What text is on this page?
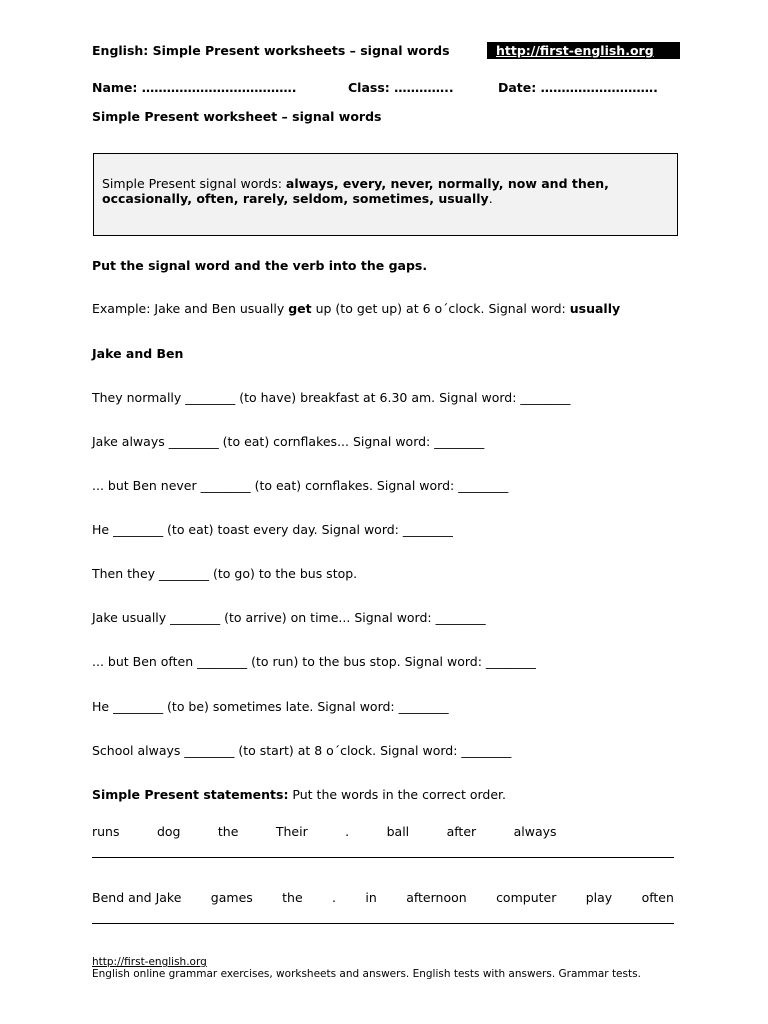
English: Simple Present worksheets – signal words	http://first-english.org
Name: ……………………………….	Class: …………..	Date: ……………………….
Simple Present worksheet – signal words
Simple Present signal words: always, every, never, normally, now and then,
occasionally, often, rarely, seldom, sometimes, usually.
Put the signal word and the verb into the gaps.
Example: Jake and Ben usually get up (to get up) at 6 o´clock. Signal word: usually
Jake and Ben
They normally ________ (to have) breakfast at 6.30 am. Signal word: ________
Jake always ________ (to eat) cornflakes... Signal word: ________
... but Ben never ________ (to eat) cornflakes. Signal word: ________
He ________ (to eat) toast every day. Signal word: ________
Then they ________ (to go) to the bus stop.
Jake usually ________ (to arrive) on time... Signal word: ________
... but Ben often ________ (to run) to the bus stop. Signal word: ________
He ________ (to be) sometimes late. Signal word: ________
School always ________ (to start) at 8 o´clock. Signal word: ________
Simple Present statements: Put the words in the correct order.
runs	dog	the	Their	.	ball	after	always
Bend and Jake games the . in afternoon computer play often
http://first-english.org
English online grammar exercises, worksheets and answers. English tests with answers. Grammar tests.
